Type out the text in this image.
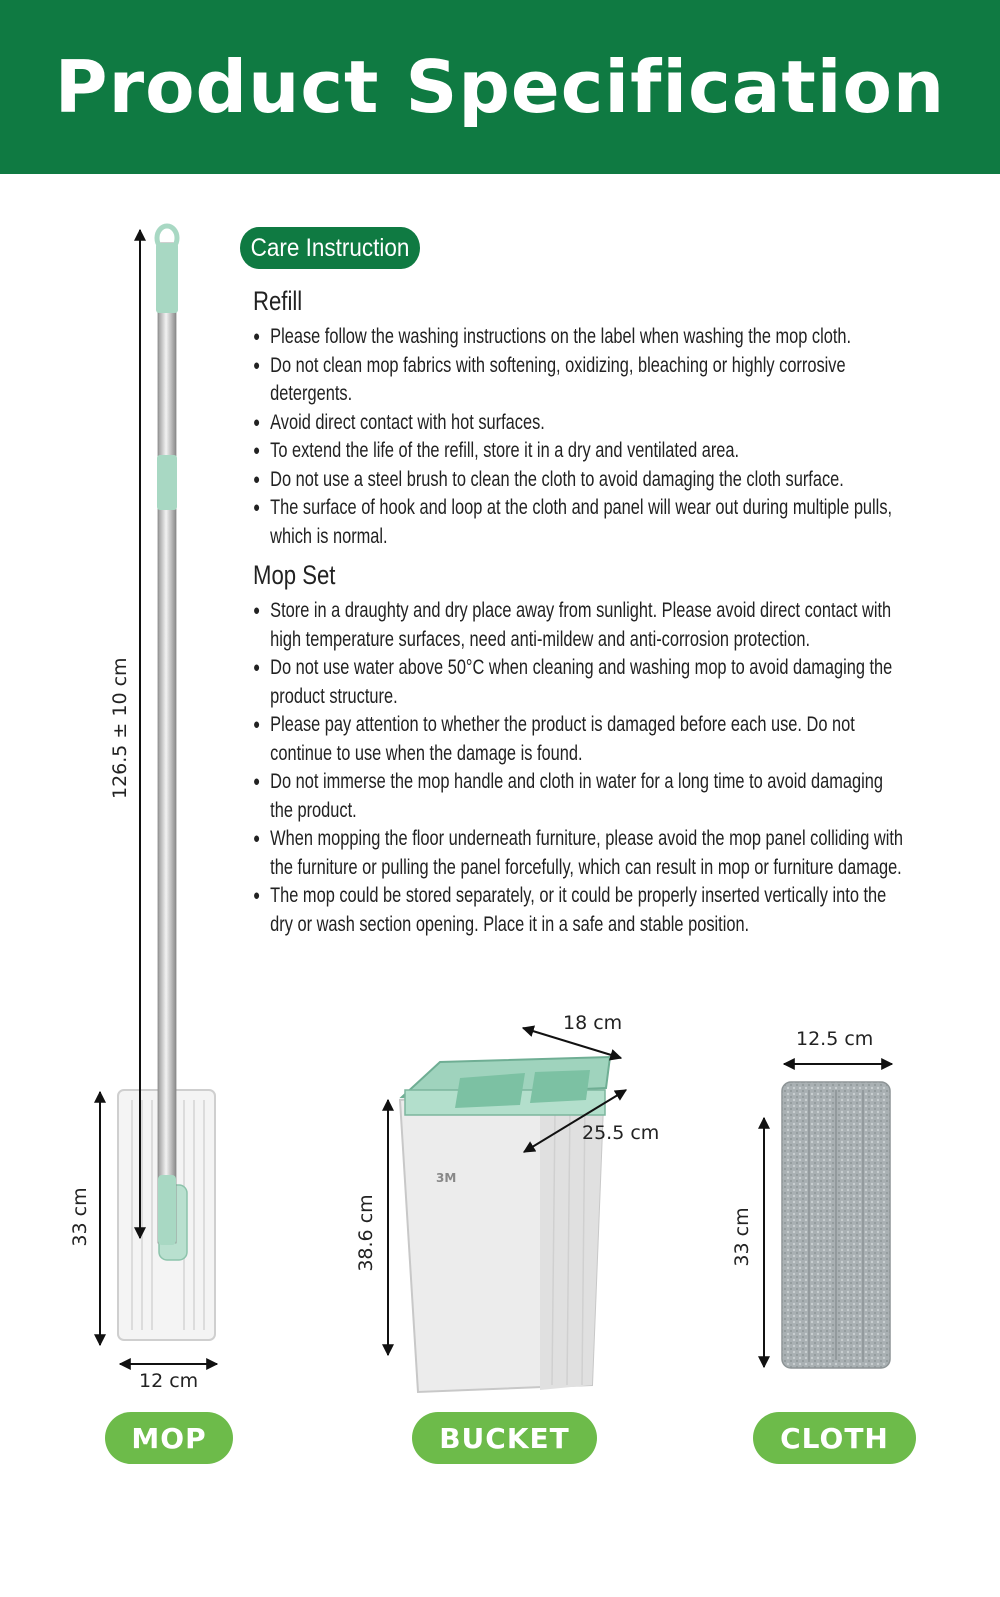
Product Specification
Care Instruction
Refill
● Please follow the washing instructions on the label when washing the mop cloth.
● Do not clean mop fabrics with softening, oxidizing, bleaching or highly corrosive detergents.
● Avoid direct contact with hot surfaces.
● To extend the life of the refill, store it in a dry and ventilated area.
● Do not use a steel brush to clean the cloth to avoid damaging the cloth surface.
● The surface of hook and loop at the cloth and panel will wear out during multiple pulls, which is normal.
Mop Set
● Store in a draughty and dry place away from sunlight. Please avoid direct contact with high temperature surfaces, need anti-mildew and anti-corrosion protection.
● Do not use water above 50°C when cleaning and washing mop to avoid damaging the product structure.
● Please pay attention to whether the product is damaged before each use. Do not continue to use when the damage is found.
● Do not immerse the mop handle and cloth in water for a long time to avoid damaging the product.
● When mopping the floor underneath furniture, please avoid the mop panel colliding with the furniture or pulling the panel forcefully, which can result in mop or furniture damage.
● The mop could be stored separately, or it could be properly inserted vertically into the dry or wash section opening. Place it in a safe and stable position.
3M
126.5 ± 10 cm
33 cm
12 cm
18 cm
25.5 cm
38.6 cm
12.5 cm
33 cm
MOP	BUCKET	CLOTH
